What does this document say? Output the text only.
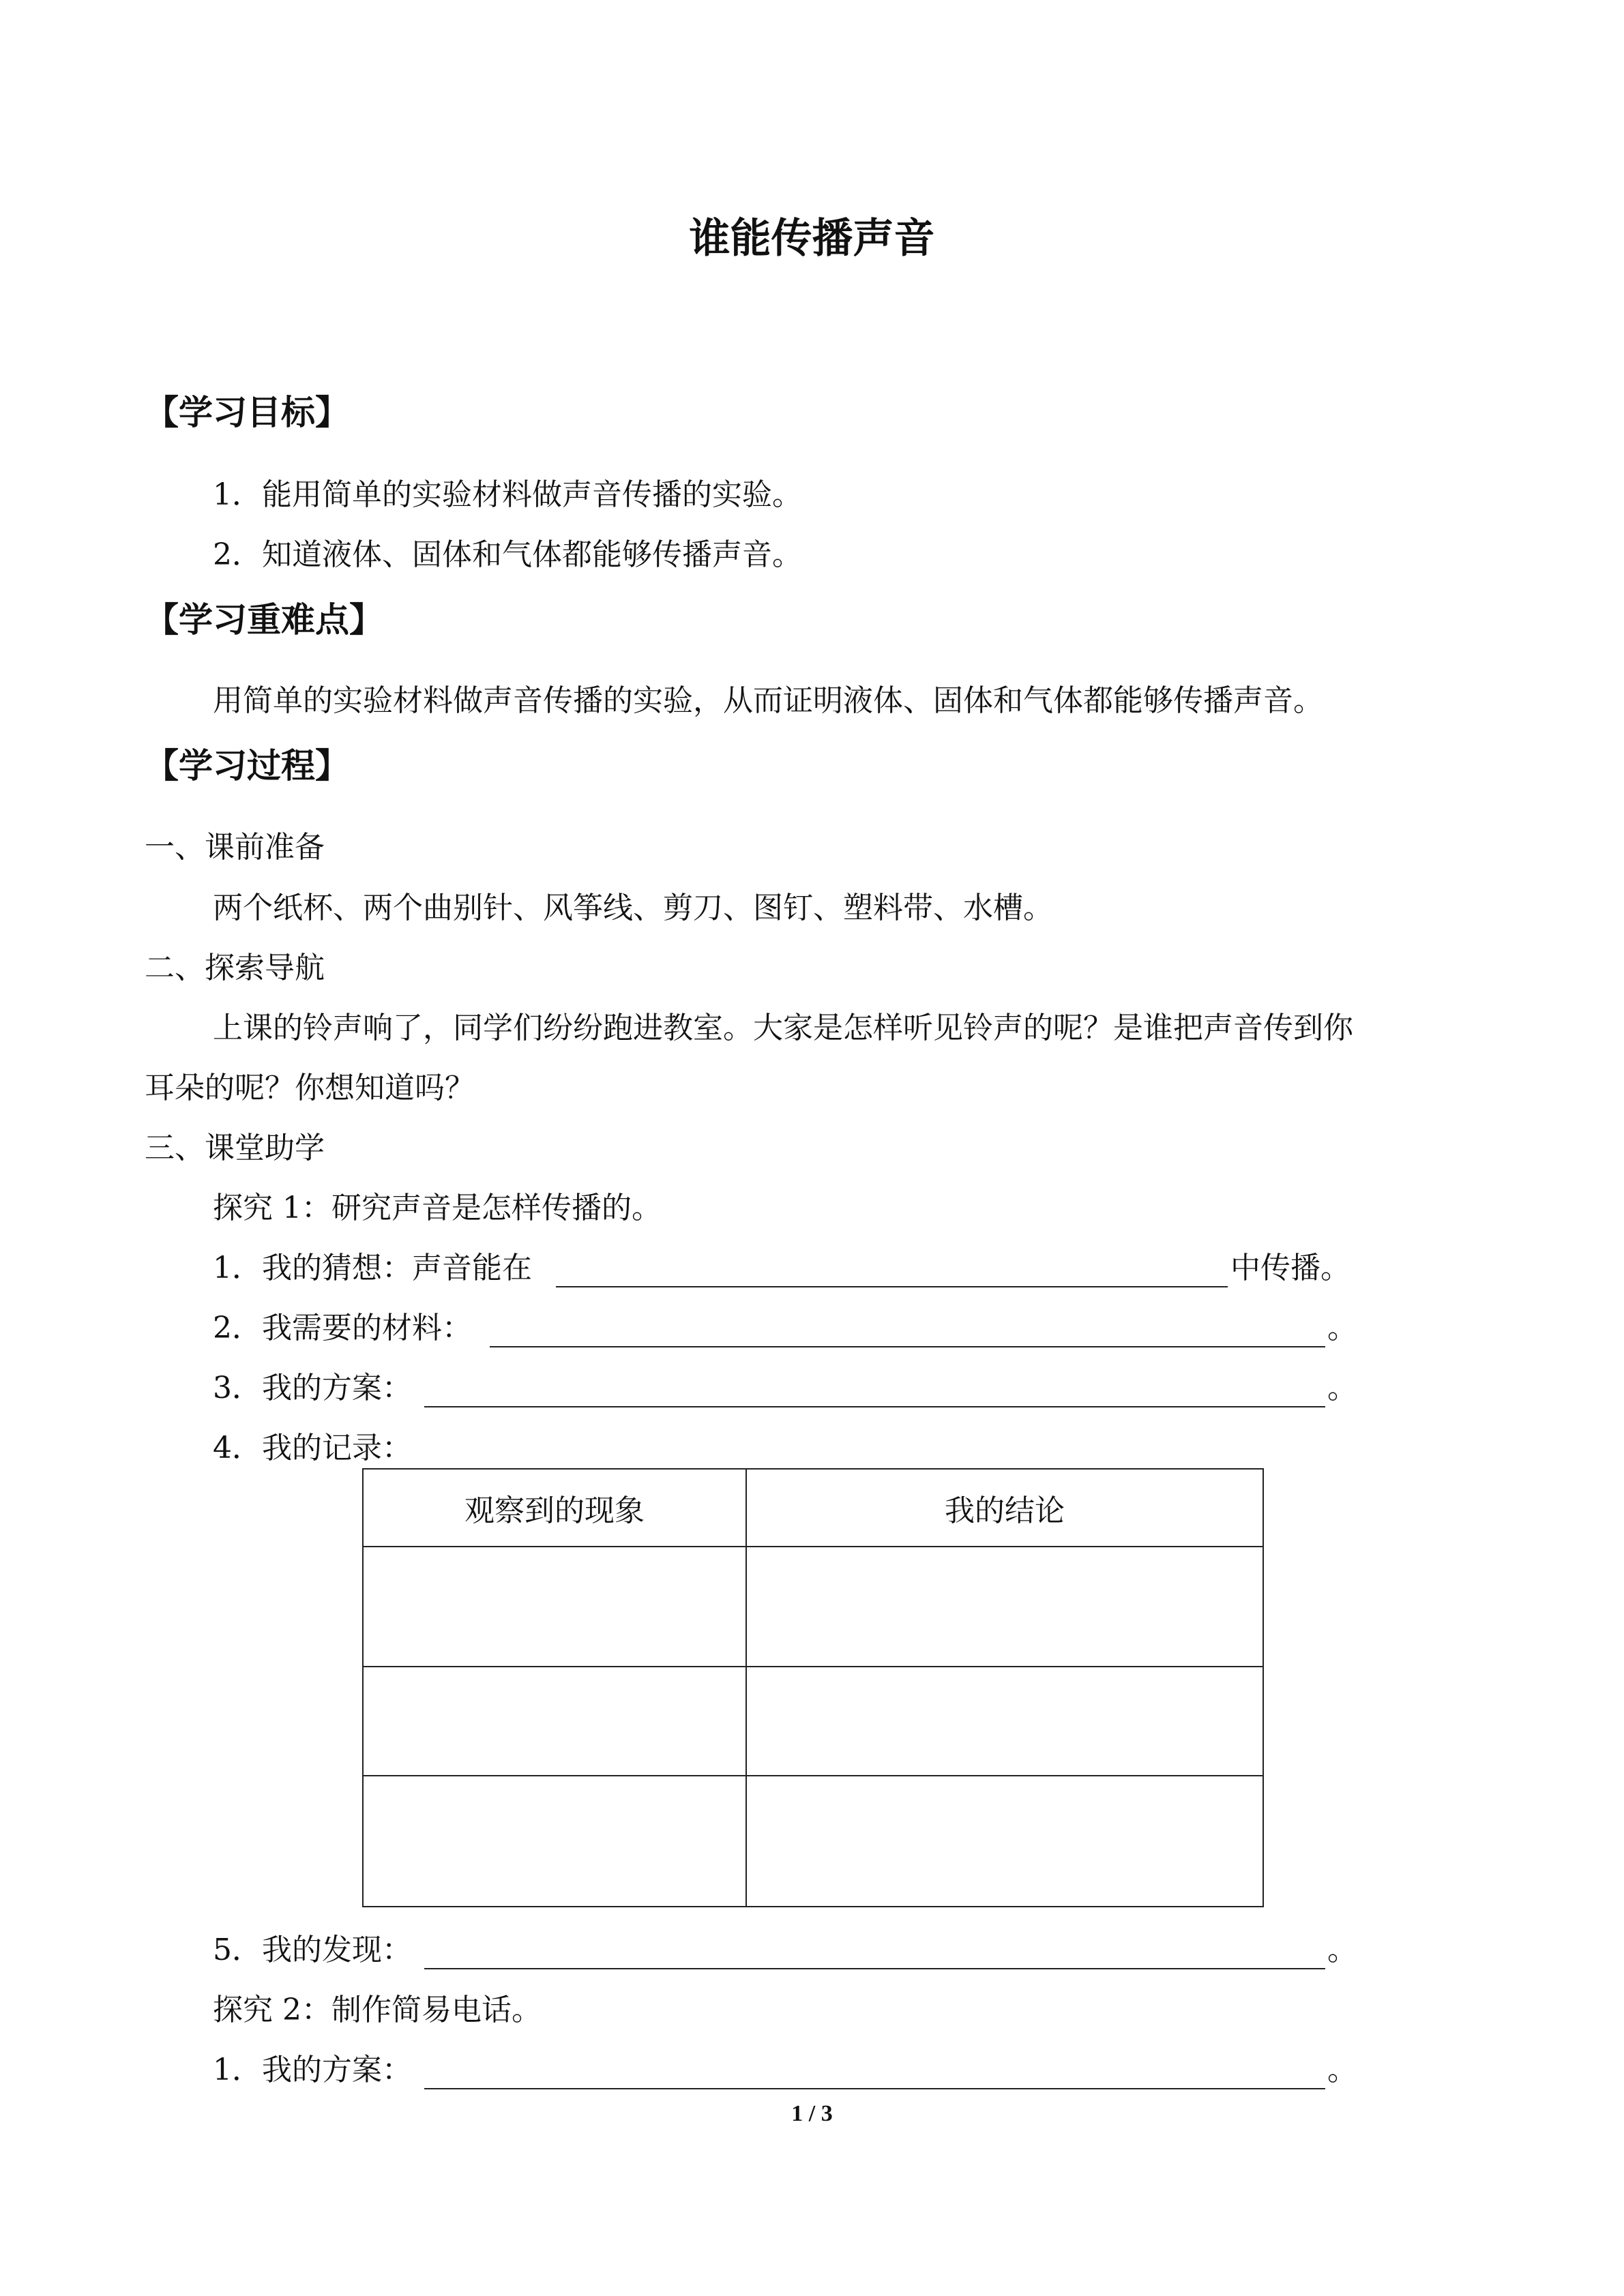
谁能传播声音
【学习目标】
1．能用简单的实验材料做声音传播的实验。
2．知道液体、固体和气体都能够传播声音。
【学习重难点】
用简单的实验材料做声音传播的实验，从而证明液体、固体和气体都能够传播声音。
【学习过程】
一、课前准备
两个纸杯、两个曲别针、风筝线、剪刀、图钉、塑料带、水槽。
二、探索导航
上课的铃声响了，同学们纷纷跑进教室。大家是怎样听见铃声的呢？是谁把声音传到你
耳朵的呢？你想知道吗？
三、课堂助学
探究 1：研究声音是怎样传播的。
1．我的猜想：声音能在	中传播。
2．我需要的材料：	。
3．我的方案：	。
4．我的记录：
观察到的现象	我的结论

5．我的发现：	。
探究 2：制作简易电话。
1．我的方案：	。
1 / 3
